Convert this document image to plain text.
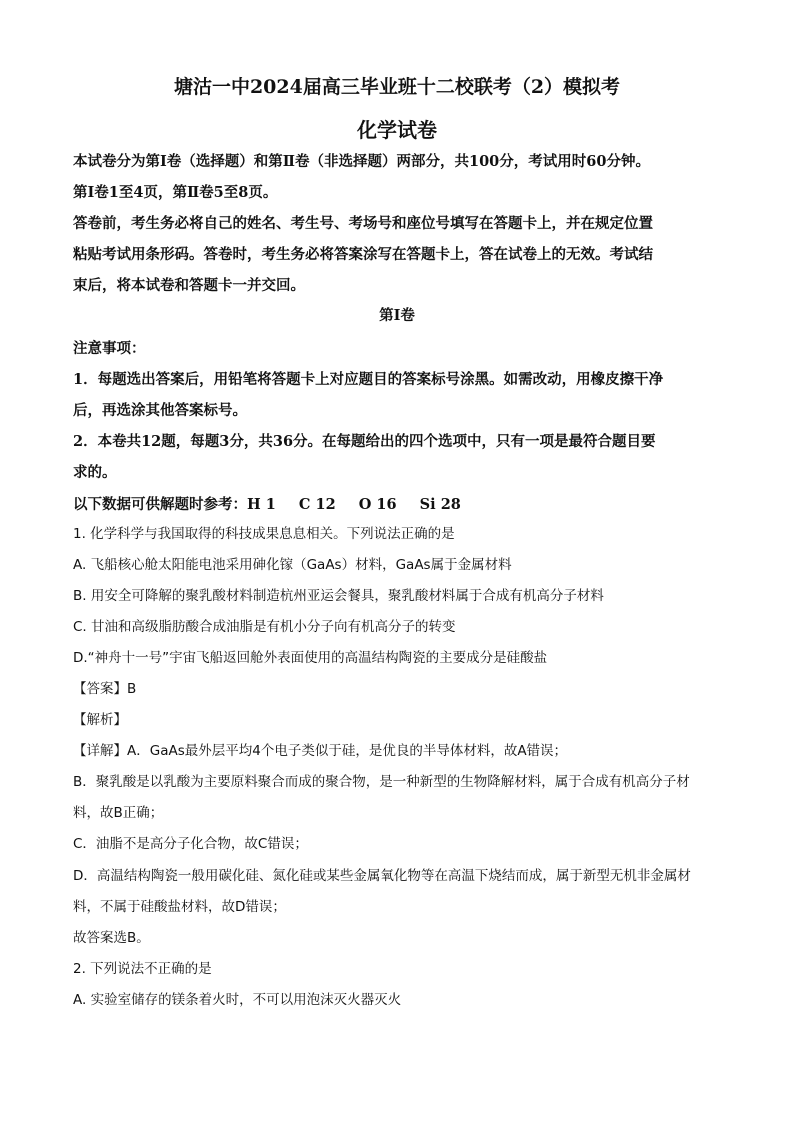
塘沽一中2024届高三毕业班十二校联考（2）模拟考
化学试卷
本试卷分为第Ⅰ卷（选择题）和第Ⅱ卷（非选择题）两部分，共100分，考试用时60分钟。
第Ⅰ卷1至4页，第Ⅱ卷5至8页。
答卷前，考生务必将自己的姓名、考生号、考场号和座位号填写在答题卡上，并在规定位置
粘贴考试用条形码。答卷时，考生务必将答案涂写在答题卡上，答在试卷上的无效。考试结
束后，将本试卷和答题卡一并交回。
第Ⅰ卷
注意事项：
1．每题选出答案后，用铅笔将答题卡上对应题目的答案标号涂黑。如需改动，用橡皮擦干净
后，再选涂其他答案标号。
2．本卷共12题，每题3分，共36分。在每题给出的四个选项中，只有一项是最符合题目要
求的。
以下数据可供解题时参考：H 1 C 12 O 16 Si 28
1. 化学科学与我国取得的科技成果息息相关。下列说法正确的是
A. 飞船核心舱太阳能电池采用砷化镓（GaAs）材料，GaAs属于金属材料
B. 用安全可降解的聚乳酸材料制造杭州亚运会餐具，聚乳酸材料属于合成有机高分子材料
C. 甘油和高级脂肪酸合成油脂是有机小分子向有机高分子的转变
D.“神舟十一号”宇宙飞船返回舱外表面使用的高温结构陶瓷的主要成分是硅酸盐
【答案】B
【解析】
【详解】A．GaAs最外层平均4个电子类似于硅，是优良的半导体材料，故A错误；
B．聚乳酸是以乳酸为主要原料聚合而成的聚合物，是一种新型的生物降解材料，属于合成有机高分子材
料，故B正确；
C．油脂不是高分子化合物，故C错误；
D．高温结构陶瓷一般用碳化硅、氮化硅或某些金属氧化物等在高温下烧结而成，属于新型无机非金属材
料，不属于硅酸盐材料，故D错误；
故答案选B。
2. 下列说法不正确的是
A. 实验室储存的镁条着火时，不可以用泡沫灭火器灭火
